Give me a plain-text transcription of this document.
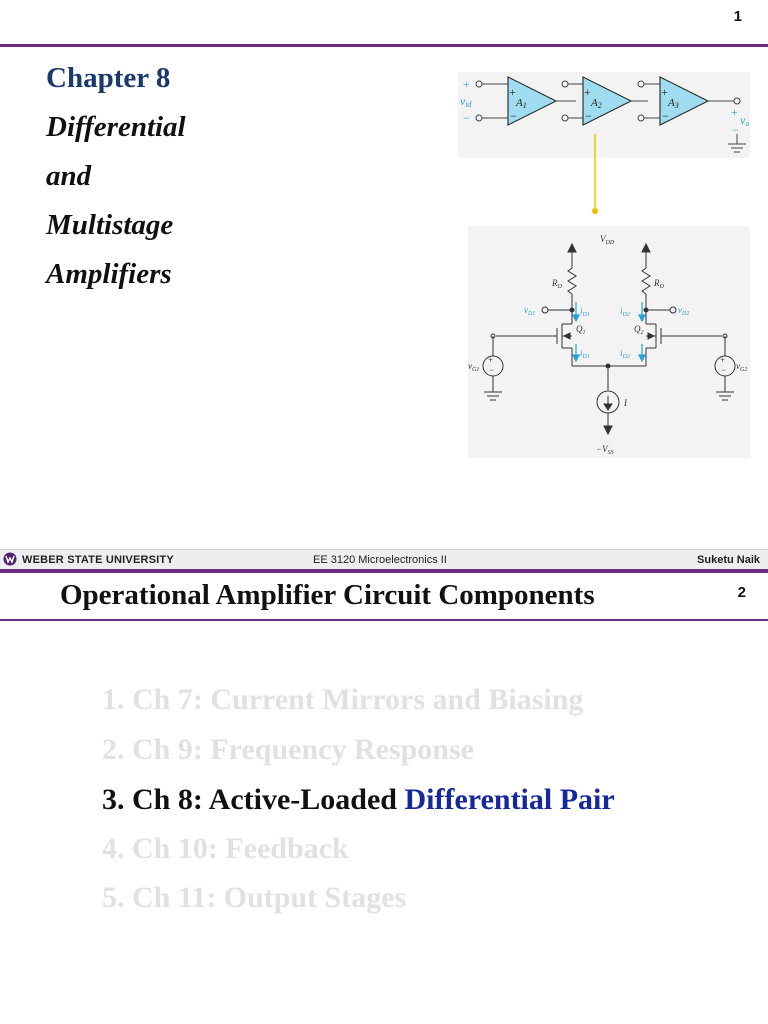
1
Chapter 8
Differential
and
Multistage
Amplifiers
+
−
+
−
+
−
A1	A2	A3
+
−
vid
+
−
vo
$V_{DD}$
$R_D$	$R_D$
$Q_1$	$Q_2$
I
$-V_{SS}$
$v_{G1}$	$v_{G2}$
$v_{D1}$	$v_{D2}$
$i_{D1}$	$i_{D2}$
$i_{D1}$	$i_{D2}$
+
−
+
−
WEBER STATE UNIVERSITY	EE 3120 Microelectronics II	Suketu Naik
Operational Amplifier Circuit Components	2
1. Ch 7: Current Mirrors and Biasing
2. Ch 9: Frequency Response
3. Ch 8: Active-Loaded Differential Pair
4. Ch 10: Feedback
5. Ch 11: Output Stages
